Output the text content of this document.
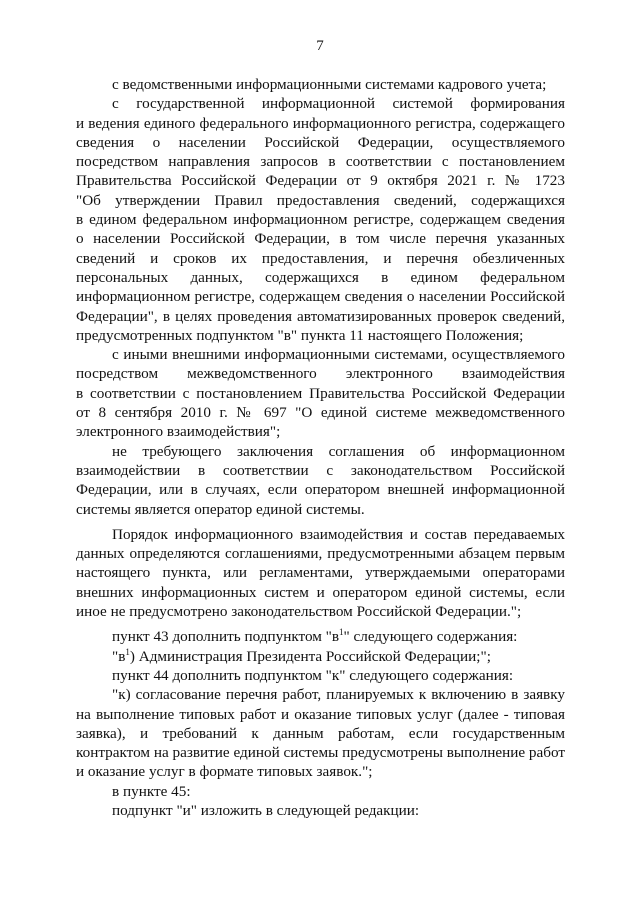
7

с ведомственными информационными системами кадрового учета;

с государственной информационной системой формирования
и ведения единого федерального информационного регистра, содержащего
сведения о населении Российской Федерации, осуществляемого
посредством направления запросов в соответствии с постановлением
Правительства Российской Федерации от 9 октября 2021 г. № 1723
"Об утверждении Правил предоставления сведений, содержащихся
в едином федеральном информационном регистре, содержащем сведения
о населении Российской Федерации, в том числе перечня указанных
сведений и сроков их предоставления, и перечня обезличенных
персональных данных, содержащихся в едином федеральном
информационном регистре, содержащем сведения о населении Российской
Федерации", в целях проведения автоматизированных проверок сведений,
предусмотренных подпунктом "в" пункта 11 настоящего Положения;

с иными внешними информационными системами, осуществляемого
посредством межведомственного электронного взаимодействия
в соответствии с постановлением Правительства Российской Федерации
от 8 сентября 2010 г. № 697 "О единой системе межведомственного
электронного взаимодействия";

не требующего заключения соглашения об информационном
взаимодействии в соответствии с законодательством Российской
Федерации, или в случаях, если оператором внешней информационной
системы является оператор единой системы.

Порядок информационного взаимодействия и состав передаваемых
данных определяются соглашениями, предусмотренными абзацем первым
настоящего пункта, или регламентами, утверждаемыми операторами
внешних информационных систем и оператором единой системы, если
иное не предусмотрено законодательством Российской Федерации.";

пункт 43 дополнить подпунктом "$в^1$" следующего содержания:

"$в^1$) Администрация Президента Российской Федерации;";

пункт 44 дополнить подпунктом "к" следующего содержания:

"к) согласование перечня работ, планируемых к включению в заявку
на выполнение типовых работ и оказание типовых услуг (далее - типовая
заявка), и требований к данным работам, если государственным
контрактом на развитие единой системы предусмотрены выполнение работ
и оказание услуг в формате типовых заявок.";

в пункте 45:

подпункт "и" изложить в следующей редакции:
